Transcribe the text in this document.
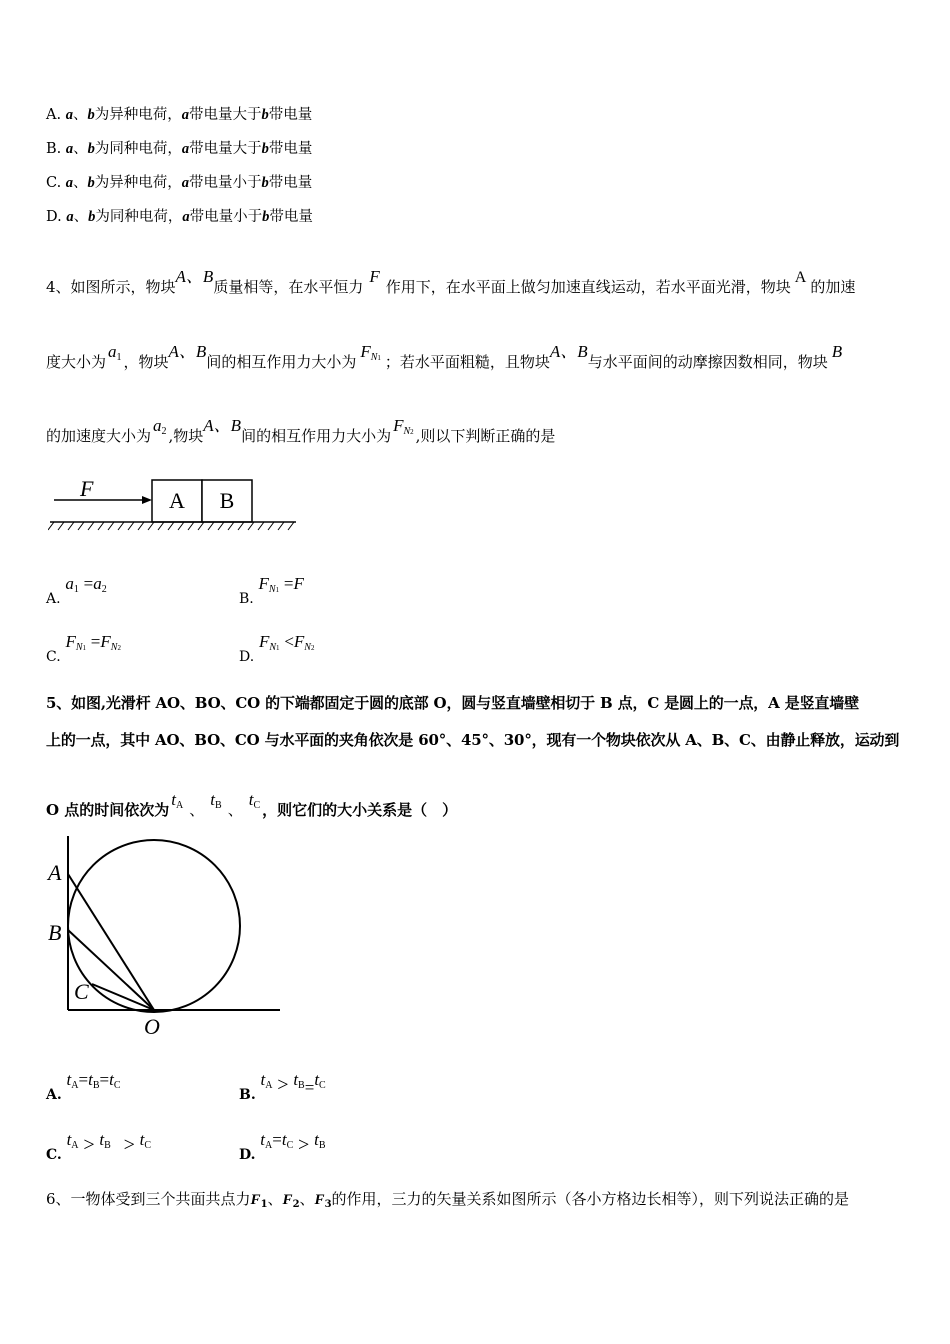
A. a、b为异种电荷，a带电量大于b带电量
B. a、b为同种电荷，a带电量大于b带电量
C. a、b为异种电荷，a带电量小于b带电量
D. a、b为同种电荷，a带电量小于b带电量
4、如图所示，物块A、B质量相等，在水平恒力F作用下，在水平面上做匀加速直线运动，若水平面光滑，物块A的加速
度大小为a1 ，物块A、B间的相互作用力大小为FN1 ；若水平面粗糙，且物块A、B与水平面间的动摩擦因数相同，物块B
的加速度大小为a2 ,物块A、B间的相互作用力大小为FN2 ,则以下判断正确的是
F	A B
A. a1 =a2
B. FN1 =F
C. FN1 =FN2
D. FN1 <FN2
5、如图,光滑杆 AO、BO、CO 的下端都固定于圆的底部 O，圆与竖直墙壁相切于 B 点，C 是圆上的一点，A 是竖直墙壁
上的一点，其中 AO、BO、CO 与水平面的夹角依次是 60°、45°、30°，现有一个物块依次从 A、B、C、由静止释放，运动到
O 点的时间依次为tA 、tB 、tC ，则它们的大小关系是（　）
A
B
C
O
A. tA=tB=tC
B. tA > tB=tC
C. tA > tB > tC
D. tA=tC > tB
6、一物体受到三个共面共点力$F_1$、$F_2$、$F_3$的作用，三力的矢量关系如图所示（各小方格边长相等），则下列说法正确的是
